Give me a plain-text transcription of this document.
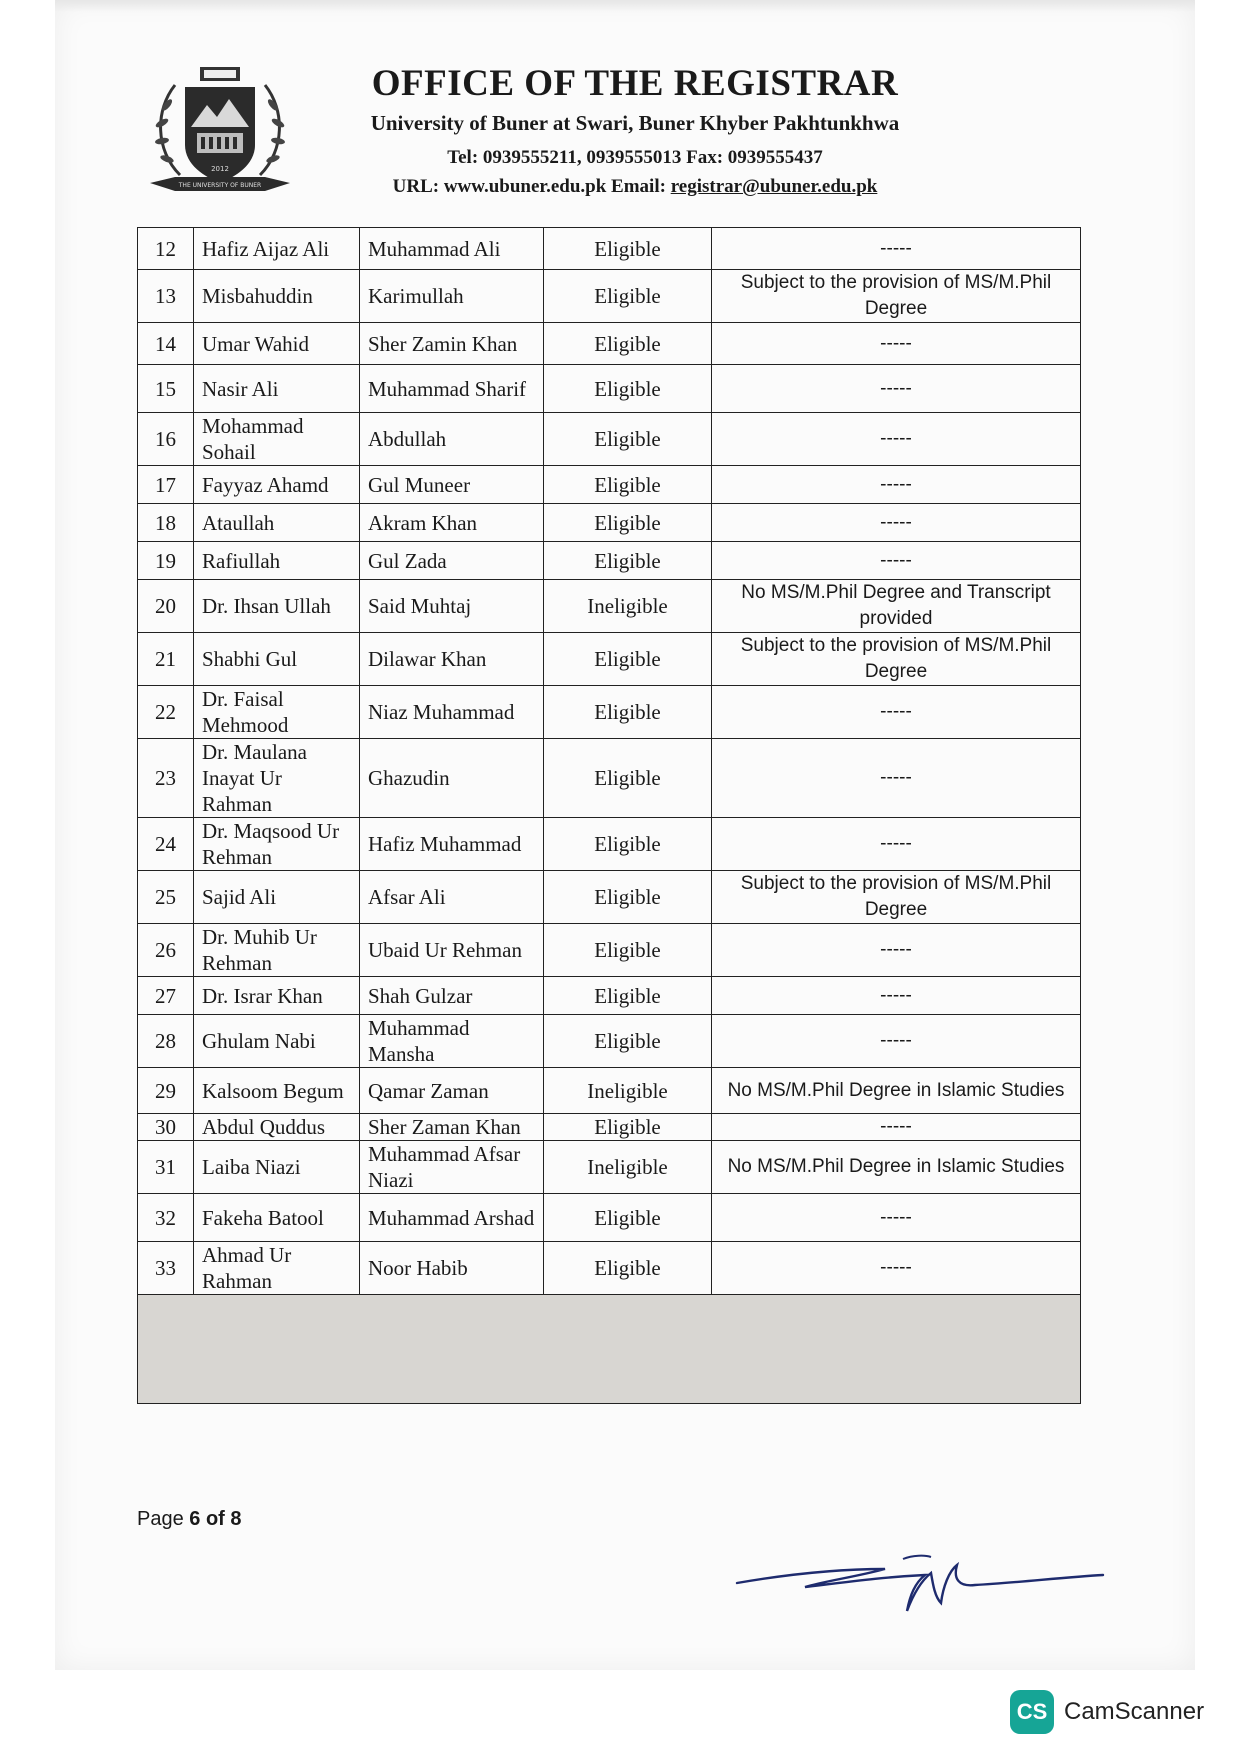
2012
THE UNIVERSITY OF BUNER
OFFICE OF THE REGISTRAR
University of Buner at Swari, Buner Khyber Pakhtunkhwa
Tel: 0939555211, 0939555013 Fax: 0939555437
URL: www.ubuner.edu.pk Email: registrar@ubuner.edu.pk
12	Hafiz Aijaz Ali	Muhammad Ali	Eligible	-----
13	Misbahuddin	Karimullah	Eligible	Subject to the provision of MS/M.Phil Degree
14	Umar Wahid	Sher Zamin Khan	Eligible	-----
15	Nasir Ali	Muhammad Sharif	Eligible	-----
16	Mohammad Sohail	Abdullah	Eligible	-----
17	Fayyaz Ahamd	Gul Muneer	Eligible	-----
18	Ataullah	Akram Khan	Eligible	-----
19	Rafiullah	Gul Zada	Eligible	-----
20	Dr. Ihsan Ullah	Said Muhtaj	Ineligible	No MS/M.Phil Degree and Transcript provided
21	Shabhi Gul	Dilawar Khan	Eligible	Subject to the provision of MS/M.Phil Degree
22	Dr. Faisal Mehmood	Niaz Muhammad	Eligible	-----
23	Dr. Maulana Inayat Ur Rahman	Ghazudin	Eligible	-----
24	Dr. Maqsood Ur Rehman	Hafiz Muhammad	Eligible	-----
25	Sajid Ali	Afsar Ali	Eligible	Subject to the provision of MS/M.Phil Degree
26	Dr. Muhib Ur Rehman	Ubaid Ur Rehman	Eligible	-----
27	Dr. Israr Khan	Shah Gulzar	Eligible	-----
28	Ghulam Nabi	Muhammad Mansha	Eligible	-----
29	Kalsoom Begum	Qamar Zaman	Ineligible	No MS/M.Phil Degree in Islamic Studies
30	Abdul Quddus	Sher Zaman Khan	Eligible	-----
31	Laiba Niazi	Muhammad Afsar Niazi	Ineligible	No MS/M.Phil Degree in Islamic Studies
32	Fakeha Batool	Muhammad Arshad	Eligible	-----
33	Ahmad Ur Rahman	Noor Habib	Eligible	-----

Page 6 of 8
CS CamScanner
